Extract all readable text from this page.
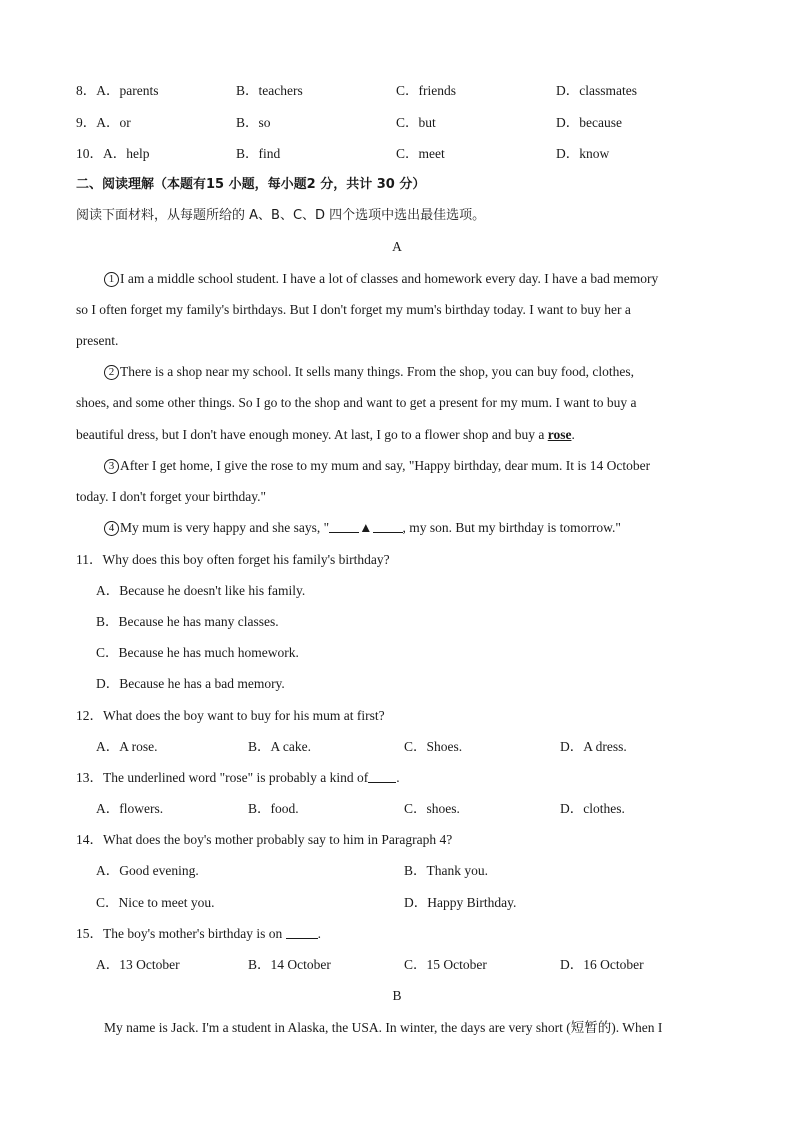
8．A．parents	B．teachers	C．friends	D．classmates
9．A．or	B．so	C．but	D．because
10．A．help	B．find	C．meet	D．know
二、阅读理解（本题有15 小题，每小题2 分，共计 30 分）
阅读下面材料，从每题所给的 A、B、C、D 四个选项中选出最佳选项。
A
1 I am a middle school student. I have a lot of classes and homework every day. I have a bad memory
so I often forget my family's birthdays. But I don't forget my mum's birthday today. I want to buy her a
present.
2 There is a shop near my school. It sells many things. From the shop, you can buy food, clothes,
shoes, and some other things. So I go to the shop and want to get a present for my mum. I want to buy a
beautiful dress, but I don't have enough money. At last, I go to a flower shop and buy a rose.
3 After I get home, I give the rose to my mum and say, "Happy birthday, dear mum. It is 14 October
today. I don't forget your birthday."
4 My mum is very happy and she says, " ▲ , my son. But my birthday is tomorrow."
11．Why does this boy often forget his family's birthday?
A．Because he doesn't like his family.
B．Because he has many classes.
C．Because he has much homework.
D．Because he has a bad memory.
12．What does the boy want to buy for his mum at first?
A．A rose.	B．A cake.	C．Shoes.	D．A dress.
13．The underlined word "rose" is probably a kind of .
A．flowers.	B．food.	C．shoes.	D．clothes.
14．What does the boy's mother probably say to him in Paragraph 4?
A．Good evening.	B．Thank you.
C．Nice to meet you.	D．Happy Birthday.
15．The boy's mother's birthday is on .
A．13 October	B．14 October	C．15 October	D．16 October
B
My name is Jack. I'm a student in Alaska, the USA. In winter, the days are very short (短暂的). When I
